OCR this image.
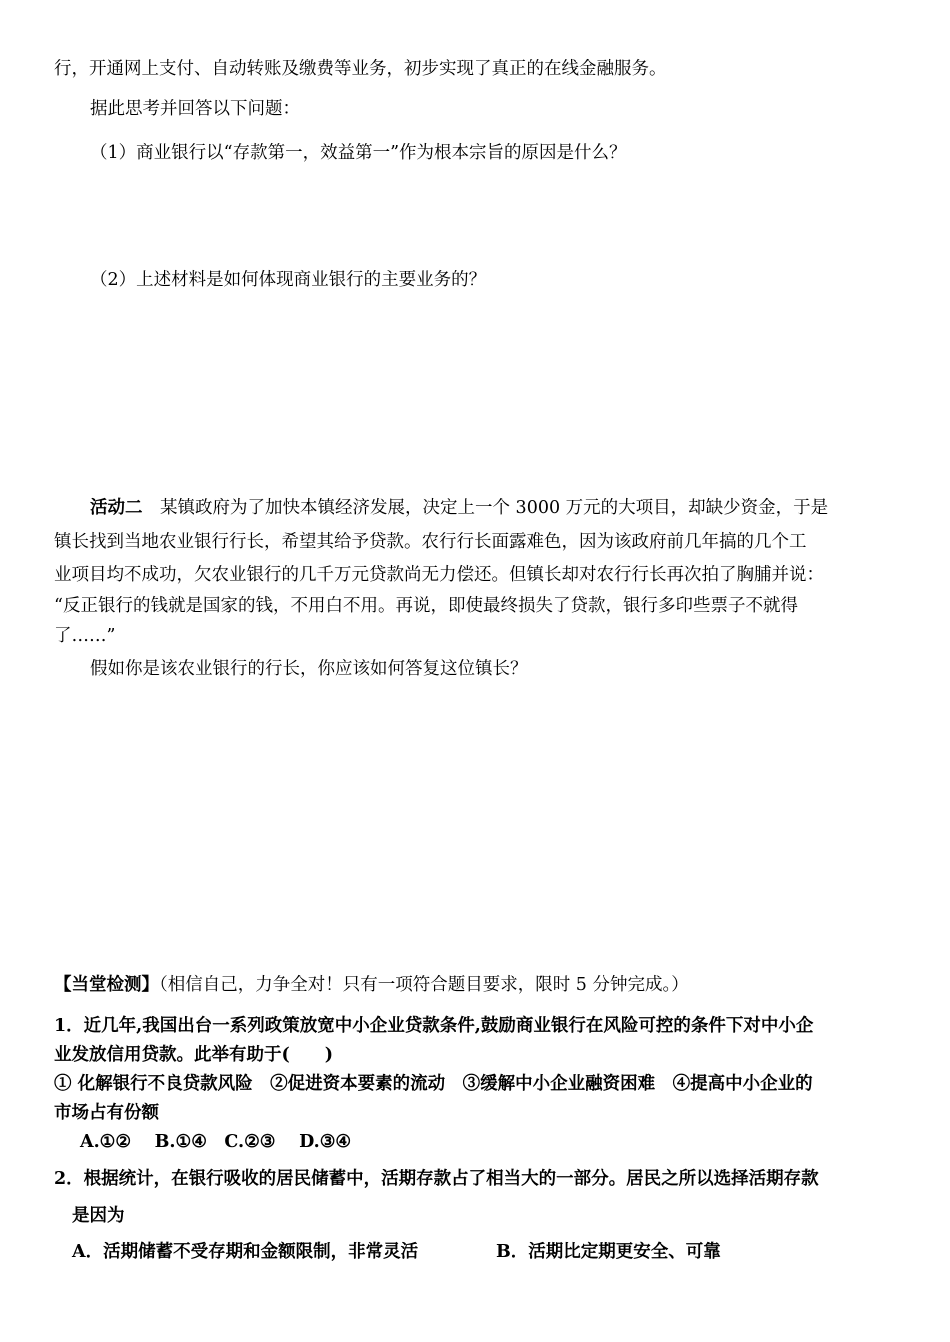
行，开通网上支付、自动转账及缴费等业务，初步实现了真正的在线金融服务。
据此思考并回答以下问题：
（1）商业银行以“存款第一，效益第一”作为根本宗旨的原因是什么？
（2）上述材料是如何体现商业银行的主要业务的？
活动二　 某镇政府为了加快本镇经济发展，决定上一个 3000 万元的大项目，却缺少资金，于是
镇长找到当地农业银行行长，希望其给予贷款。农行行长面露难色，因为该政府前几年搞的几个工
业项目均不成功，欠农业银行的几千万元贷款尚无力偿还。但镇长却对农行行长再次拍了胸脯并说：
“反正银行的钱就是国家的钱，不用白不用。再说，即使最终损失了贷款，银行多印些票子不就得
了……”
假如你是该农业银行的行长，你应该如何答复这位镇长？
【当堂检测】（相信自己，力争全对！只有一项符合题目要求，限时 5 分钟完成。）
1．近几年,我国出台一系列政策放宽中小企业贷款条件,鼓励商业银行在风险可控的条件下对中小企
业发放信用贷款。此举有助于(　　)
① 化解银行不良贷款风险　②促进资本要素的流动　③缓解中小企业融资困难　④提高中小企业的
市场占有份额
A.①②　 B.①④　C.②③　 D.③④
2．根据统计，在银行吸收的居民储蓄中，活期存款占了相当大的一部分。居民之所以选择活期存款
是因为
A．活期储蓄不受存期和金额限制，非常灵活	B．活期比定期更安全、可靠
